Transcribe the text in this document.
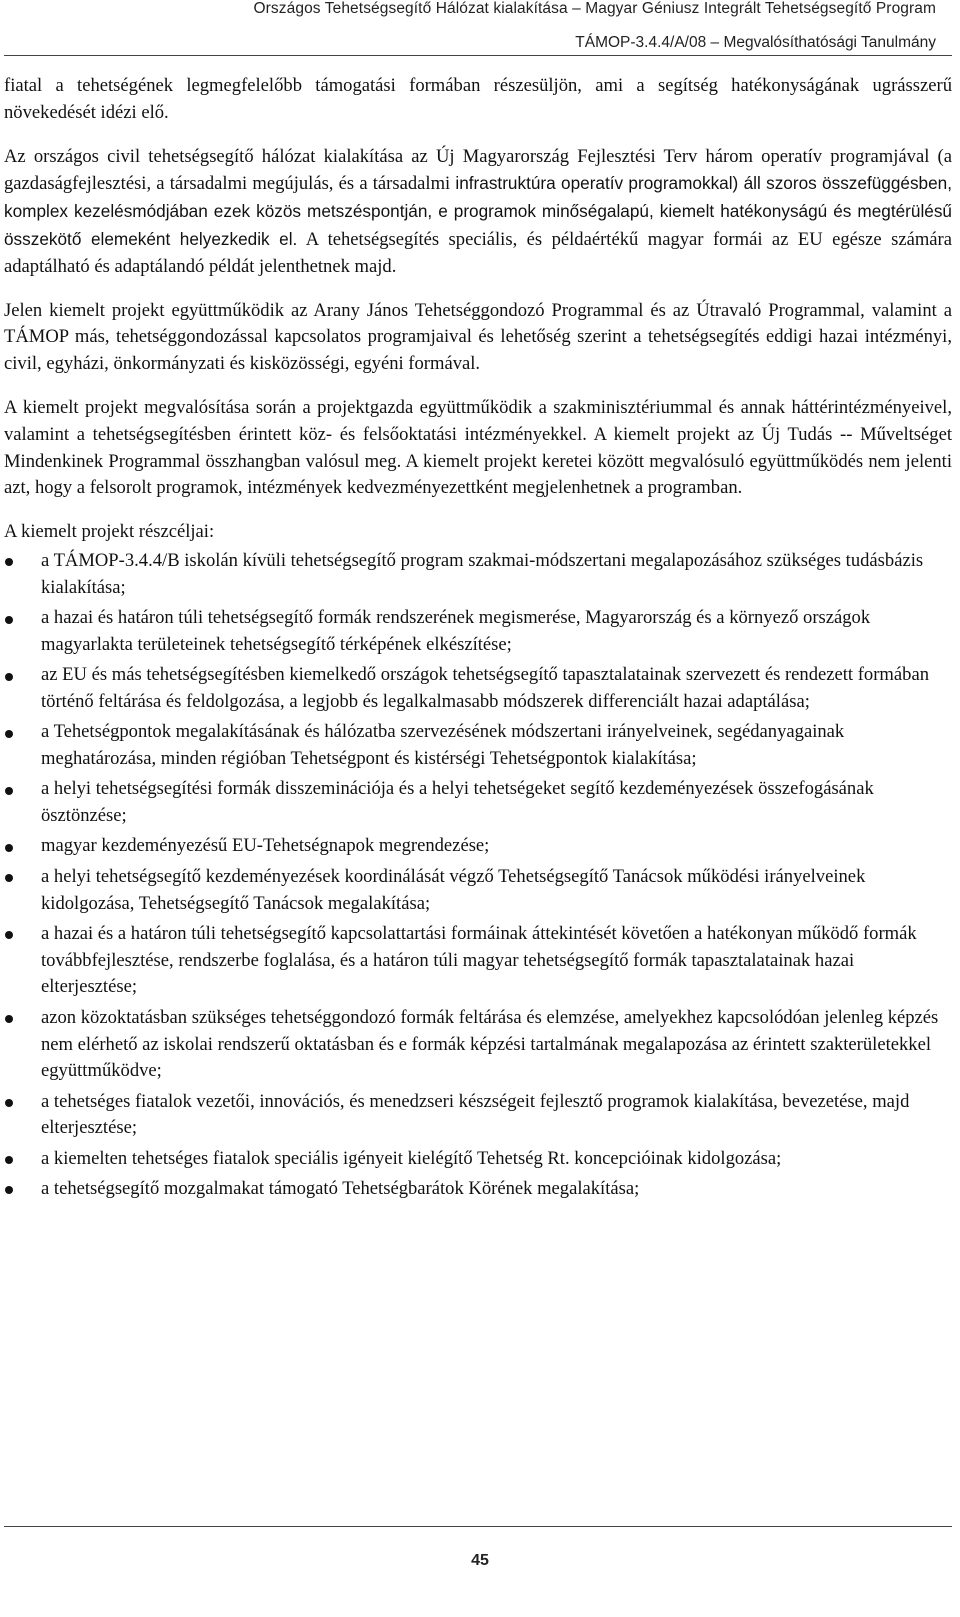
Országos Tehetségsegítő Hálózat kialakítása – Magyar Géniusz Integrált Tehetségsegítő Program
TÁMOP-3.4.4/A/08 – Megvalósíthatósági Tanulmány

fiatal a tehetségének legmegfelelőbb támogatási formában részesüljön, ami a segítség hatékonyságának ugrásszerű növekedését idézi elő.

Az országos civil tehetségsegítő hálózat kialakítása az Új Magyarország Fejlesztési Terv három operatív programjával (a gazdaságfejlesztési, a társadalmi megújulás, és a társadalmi infrastruktúra operatív programokkal) áll szoros összefüggésben, komplex kezelésmódjában ezek közös metszéspontján, e programok minőségalapú, kiemelt hatékonyságú és megtérülésű összekötő elemeként helyezkedik el. A tehetségsegítés speciális, és példaértékű magyar formái az EU egésze számára adaptálható és adaptálandó példát jelenthetnek majd.

Jelen kiemelt projekt együttműködik az Arany János Tehetséggondozó Programmal és az Útravaló Programmal, valamint a TÁMOP más, tehetséggondozással kapcsolatos programjaival és lehetőség szerint a tehetségsegítés eddigi hazai intézményi, civil, egyházi, önkormányzati és kisközösségi, egyéni formával.

A kiemelt projekt megvalósítása során a projektgazda együttműködik a szakminisztériummal és annak háttérintézményeivel, valamint a tehetségsegítésben érintett köz- és felsőoktatási intézményekkel. A kiemelt projekt az Új Tudás -- Műveltséget Mindenkinek Programmal összhangban valósul meg. A kiemelt projekt keretei között megvalósuló együttműködés nem jelenti azt, hogy a felsorolt programok, intézmények kedvezményezettként megjelenhetnek a programban.

A kiemelt projekt részcéljai:
a TÁMOP-3.4.4/B iskolán kívüli tehetségsegítő program szakmai-módszertani megalapozásához szükséges tudásbázis kialakítása;
a hazai és határon túli tehetségsegítő formák rendszerének megismerése, Magyarország és a környező országok magyarlakta területeinek tehetségsegítő térképének elkészítése;
az EU és más tehetségsegítésben kiemelkedő országok tehetségsegítő tapasztalatainak szervezett és rendezett formában történő feltárása és feldolgozása, a legjobb és legalkalmasabb módszerek differenciált hazai adaptálása;
a Tehetségpontok megalakításának és hálózatba szervezésének módszertani irányelveinek, segédanyagainak meghatározása, minden régióban Tehetségpont és kistérségi Tehetségpontok kialakítása;
a helyi tehetségsegítési formák disszeminációja és a helyi tehetségeket segítő kezdeményezések összefogásának ösztönzése;
magyar kezdeményezésű EU-Tehetségnapok megrendezése;
a helyi tehetségsegítő kezdeményezések koordinálását végző Tehetségsegítő Tanácsok működési irányelveinek kidolgozása, Tehetségsegítő Tanácsok megalakítása;
a hazai és a határon túli tehetségsegítő kapcsolattartási formáinak áttekintését követően a hatékonyan működő formák továbbfejlesztése, rendszerbe foglalása, és a határon túli magyar tehetségsegítő formák tapasztalatainak hazai elterjesztése;
azon közoktatásban szükséges tehetséggondozó formák feltárása és elemzése, amelyekhez kapcsolódóan jelenleg képzés nem elérhető az iskolai rendszerű oktatásban és e formák képzési tartalmának megalapozása az érintett szakterületekkel együttműködve;
a tehetséges fiatalok vezetői, innovációs, és menedzseri készségeit fejlesztő programok kialakítása, bevezetése, majd elterjesztése;
a kiemelten tehetséges fiatalok speciális igényeit kielégítő Tehetség Rt. koncepcióinak kidolgozása;
a tehetségsegítő mozgalmakat támogató Tehetségbarátok Körének megalakítása;
45
